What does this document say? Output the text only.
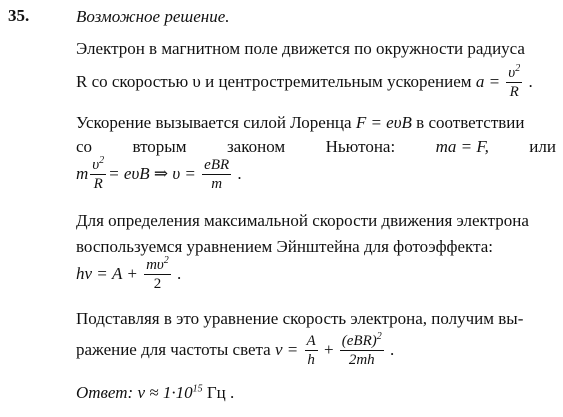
35.	Возможное решение.
Электрон в магнитном поле движется по окружности радиуса
R со скоростью υ и центростремительным ускорением $a = \frac{\upsilon^2}{R}$ .
Ускорение вызывается силой Лоренца F = eυB в соответствии
со вторым законом Ньютона: ma = F, или
m $\frac{\upsilon^2}{R} = e\upsilon B$ ⇒ $\upsilon = \frac{\text{eBR}}{m}$ .
Для определения максимальной скорости движения электрона
воспользуемся уравнением Эйнштейна для фотоэффекта:
$h\nu = A + \frac{m\upsilon^2}{2}$ .
Подставляя в это уравнение скорость электрона, получим вы-
ражение для частоты света $\nu = \frac{A}{h} + \frac{(eBR)^2}{2mh}$ .
Ответ: $\nu \approx 1\cdot 10^{15}$ Гц .
